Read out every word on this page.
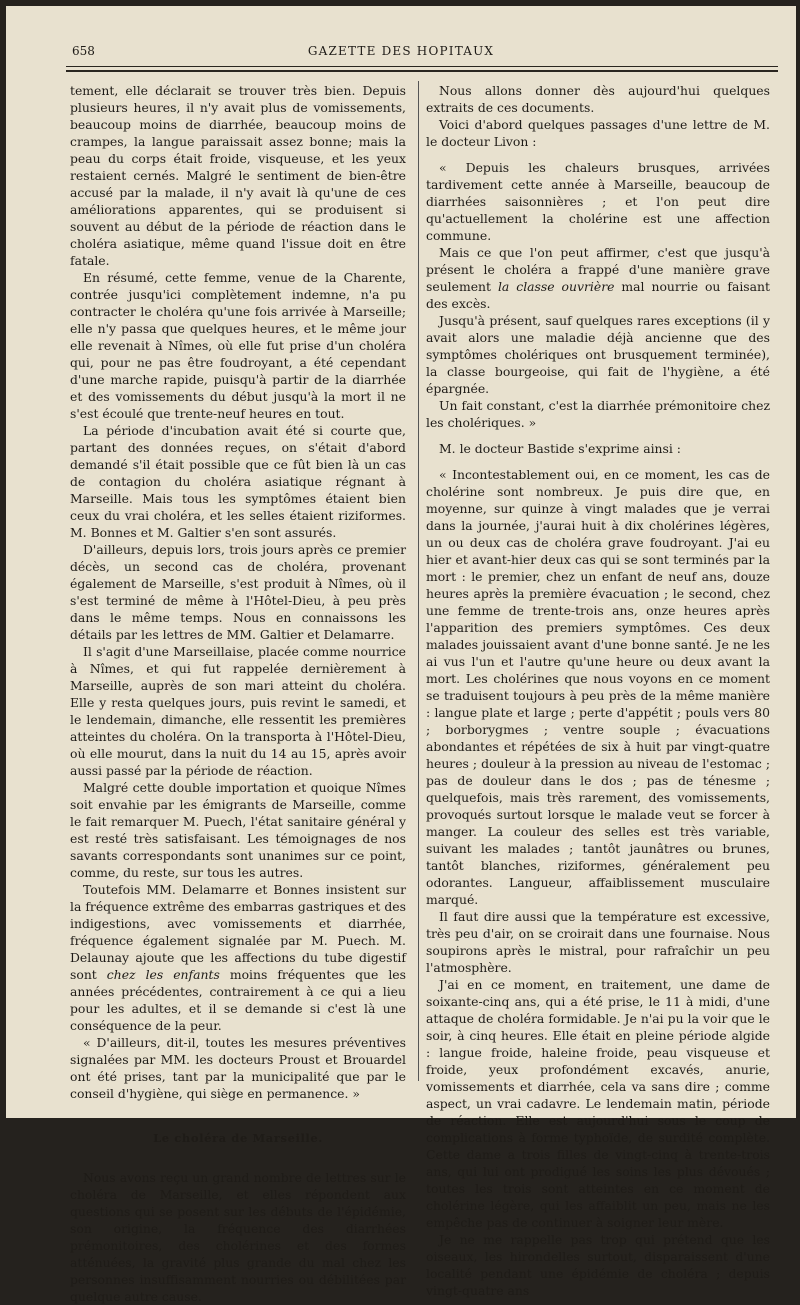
658	GAZETTE DES HOPITAUX

tement, elle déclarait se trouver très bien. Depuis plusieurs heures, il n'y avait plus de vomissements, beaucoup moins de diarrhée, beaucoup moins de crampes, la langue paraissait assez bonne; mais la peau du corps était froide, visqueuse, et les yeux restaient cernés. Malgré le sentiment de bien-être accusé par la malade, il n'y avait là qu'une de ces améliorations apparentes, qui se produisent si souvent au début de la période de réaction dans le choléra asiatique, même quand l'issue doit en être fatale.

En résumé, cette femme, venue de la Charente, contrée jusqu'ici complètement indemne, n'a pu contracter le choléra qu'une fois arrivée à Marseille; elle n'y passa que quelques heures, et le même jour elle revenait à Nîmes, où elle fut prise d'un choléra qui, pour ne pas être foudroyant, a été cependant d'une marche rapide, puisqu'à partir de la diarrhée et des vomissements du début jusqu'à la mort il ne s'est écoulé que trente-neuf heures en tout.

La période d'incubation avait été si courte que, partant des données reçues, on s'était d'abord demandé s'il était possible que ce fût bien là un cas de contagion du choléra asiatique régnant à Marseille. Mais tous les symptômes étaient bien ceux du vrai choléra, et les selles étaient riziformes. M. Bonnes et M. Galtier s'en sont assurés.

D'ailleurs, depuis lors, trois jours après ce premier décès, un second cas de choléra, provenant également de Marseille, s'est produit à Nîmes, où il s'est terminé de même à l'Hôtel-Dieu, à peu près dans le même temps. Nous en connaissons les détails par les lettres de MM. Galtier et Delamarre.

Il s'agit d'une Marseillaise, placée comme nourrice à Nîmes, et qui fut rappelée dernièrement à Marseille, auprès de son mari atteint du choléra. Elle y resta quelques jours, puis revint le samedi, et le lendemain, dimanche, elle ressentit les premières atteintes du choléra. On la transporta à l'Hôtel-Dieu, où elle mourut, dans la nuit du 14 au 15, après avoir aussi passé par la période de réaction.

Malgré cette double importation et quoique Nîmes soit envahie par les émigrants de Marseille, comme le fait remarquer M. Puech, l'état sanitaire général y est resté très satisfaisant. Les témoignages de nos savants correspondants sont unanimes sur ce point, comme, du reste, sur tous les autres.

Toutefois MM. Delamarre et Bonnes insistent sur la fréquence extrême des embarras gastriques et des indigestions, avec vomissements et diarrhée, fréquence également signalée par M. Puech. M. Delaunay ajoute que les affections du tube digestif sont chez les enfants moins fréquentes que les années précédentes, contrairement à ce qui a lieu pour les adultes, et il se demande si c'est là une conséquence de la peur.

« D'ailleurs, dit-il, toutes les mesures préventives signalées par MM. les docteurs Proust et Brouardel ont été prises, tant par la municipalité que par le conseil d'hygiène, qui siège en permanence. »

Le choléra de Marseille.

Nous avons reçu un grand nombre de lettres sur le choléra de Marseille, et elles répondent aux questions qui se posent sur les débuts de l'épidémie, son origine, la fréquence des diarrhées prémonitoires, des cholérines et des formes atténuées, la gravité plus grande du mal chez les personnes insuffisamment nourries ou débilitées par quelque autre cause.

Nous allons donner dès aujourd'hui quelques extraits de ces documents.

Voici d'abord quelques passages d'une lettre de M. le docteur Livon :

« Depuis les chaleurs brusques, arrivées tardivement cette année à Marseille, beaucoup de diarrhées saisonnières ; et l'on peut dire qu'actuellement la cholérine est une affection commune.

Mais ce que l'on peut affirmer, c'est que jusqu'à présent le choléra a frappé d'une manière grave seulement la classe ouvrière mal nourrie ou faisant des excès.

Jusqu'à présent, sauf quelques rares exceptions (il y avait alors une maladie déjà ancienne que des symptômes cholériques ont brusquement terminée), la classe bourgeoise, qui fait de l'hygiène, a été épargnée.

Un fait constant, c'est la diarrhée prémonitoire chez les cholériques. »

M. le docteur Bastide s'exprime ainsi :

« Incontestablement oui, en ce moment, les cas de cholérine sont nombreux. Je puis dire que, en moyenne, sur quinze à vingt malades que je verrai dans la journée, j'aurai huit à dix cholérines légères, un ou deux cas de choléra grave foudroyant. J'ai eu hier et avant-hier deux cas qui se sont terminés par la mort : le premier, chez un enfant de neuf ans, douze heures après la première évacuation ; le second, chez une femme de trente-trois ans, onze heures après l'apparition des premiers symptômes. Ces deux malades jouissaient avant d'une bonne santé. Je ne les ai vus l'un et l'autre qu'une heure ou deux avant la mort. Les cholérines que nous voyons en ce moment se traduisent toujours à peu près de la même manière : langue plate et large ; perte d'appétit ; pouls vers 80 ; borborygmes ; ventre souple ; évacuations abondantes et répétées de six à huit par vingt-quatre heures ; douleur à la pression au niveau de l'estomac ; pas de douleur dans le dos ; pas de ténesme ; quelquefois, mais très rarement, des vomissements, provoqués surtout lorsque le malade veut se forcer à manger. La couleur des selles est très variable, suivant les malades ; tantôt jaunâtres ou brunes, tantôt blanches, riziformes, généralement peu odorantes. Langueur, affaiblissement musculaire marqué.

Il faut dire aussi que la température est excessive, très peu d'air, on se croirait dans une fournaise. Nous soupirons après le mistral, pour rafraîchir un peu l'atmosphère.

J'ai en ce moment, en traitement, une dame de soixante-cinq ans, qui a été prise, le 11 à midi, d'une attaque de choléra formidable. Je n'ai pu la voir que le soir, à cinq heures. Elle était en pleine période algide : langue froide, haleine froide, peau visqueuse et froide, yeux profondément excavés, anurie, vomissements et diarrhée, cela va sans dire ; comme aspect, un vrai cadavre. Le lendemain matin, période de réaction. Elle est aujourd'hui sous le coup de complications à forme typhoïde, de surdité complète. Cette dame a trois filles de vingt-cinq à trente-trois ans, qui lui ont prodigué les soins les plus dévoués ; toutes les trois sont atteintes en ce moment de cholérine légère, qui les affaiblit un peu, mais ne les empêche pas de continuer à soigner leur mère.

Je ne me rappelle pas trop qui prétend que les oiseaux, les hirondelles surtout, disparaissent d'une localité pendant une épidémie de choléra ; depuis vingt-quatre ans
